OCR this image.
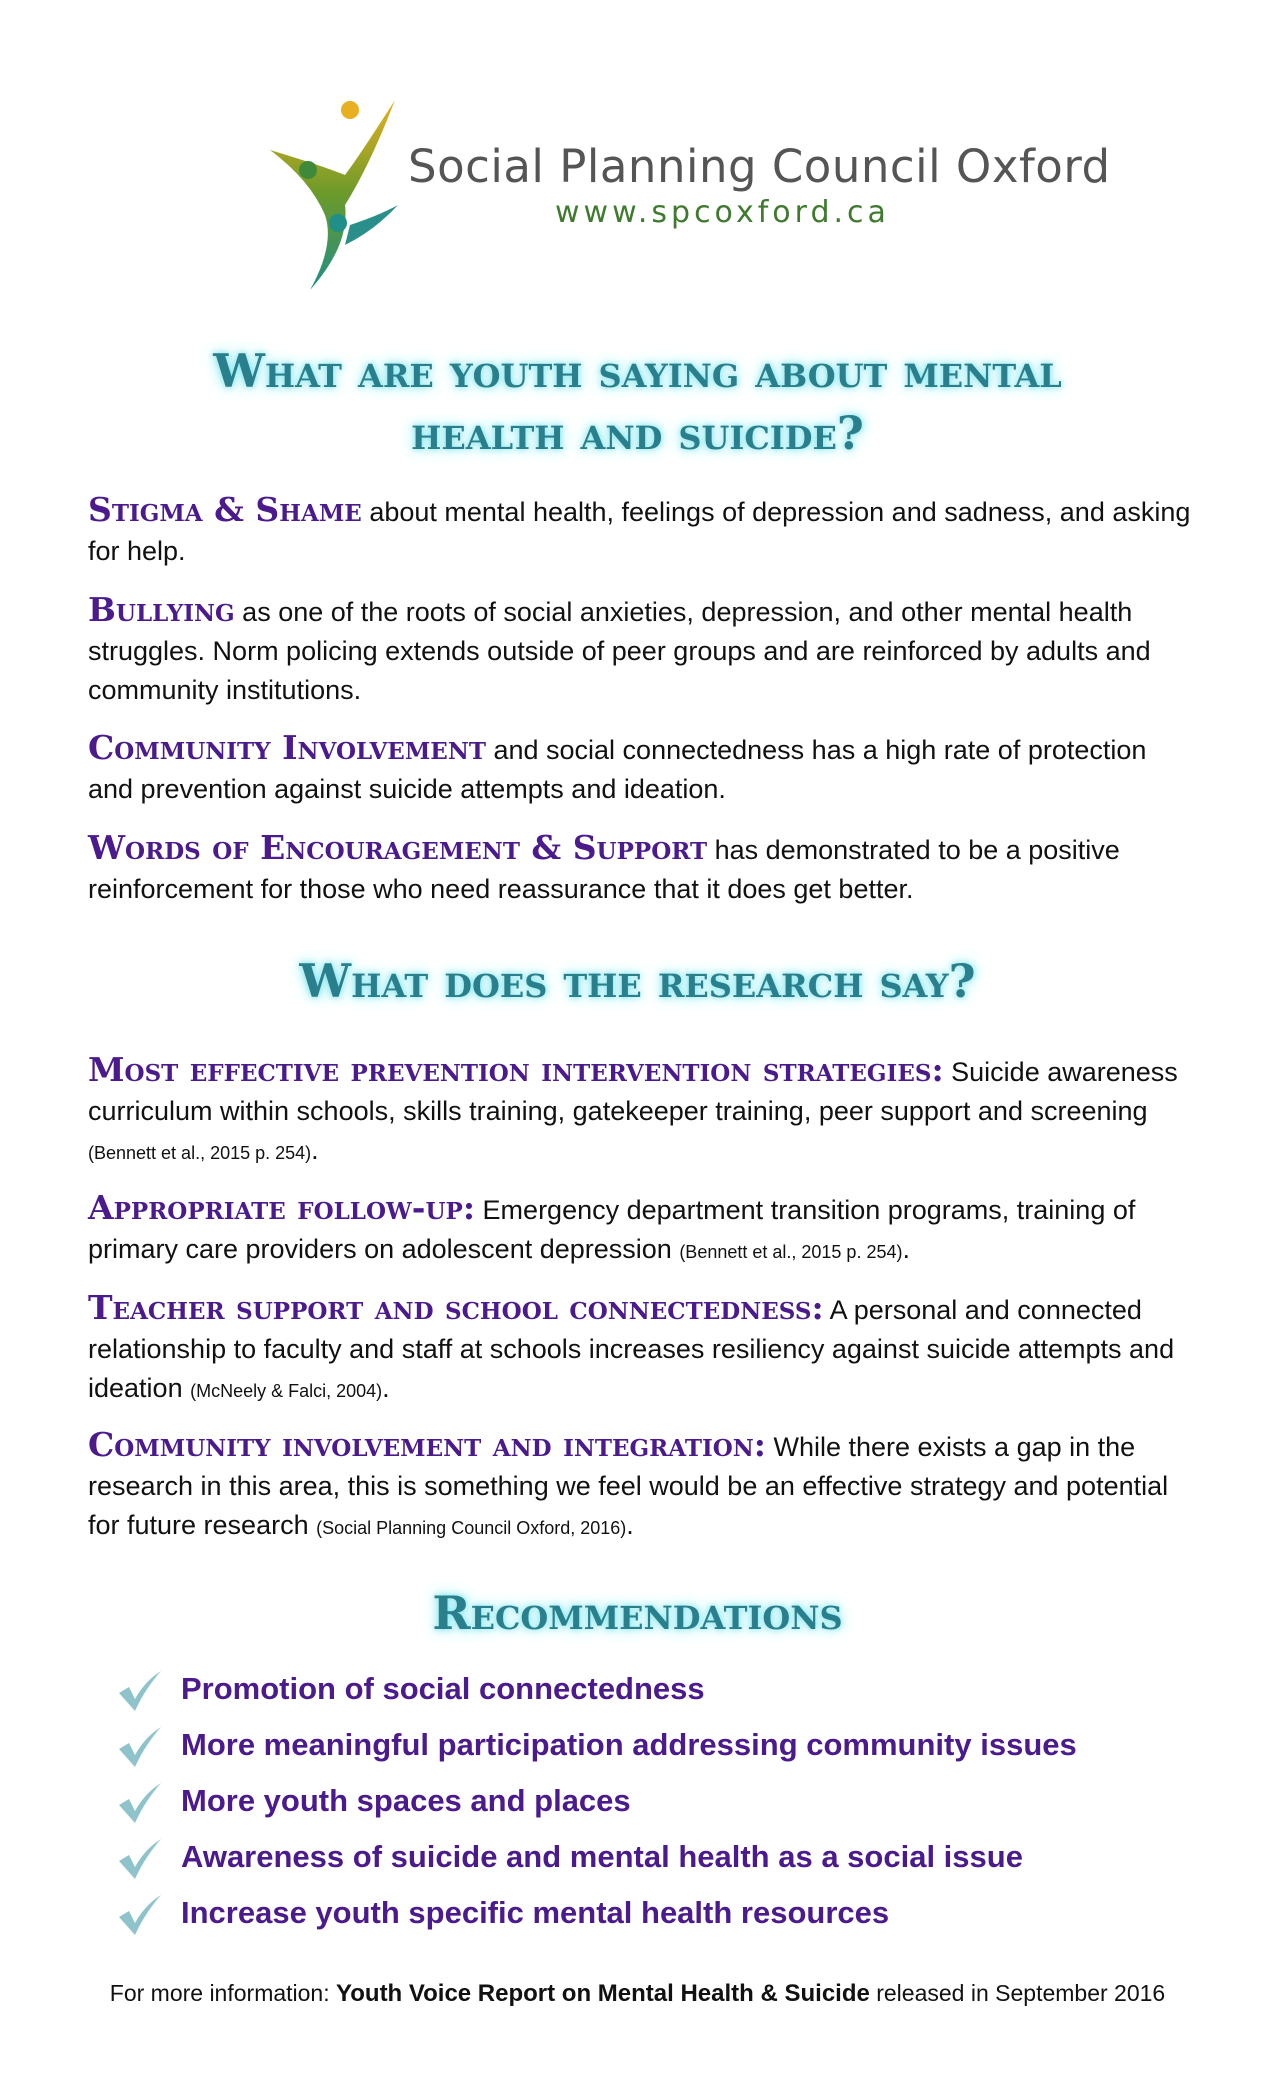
Social Planning Council Oxford
www.spcoxford.ca
What are youth saying about mental
health and suicide?
Stigma & Shame about mental health, feelings of depression and sadness, and asking for help.
Bullying as one of the roots of social anxieties, depression, and other mental health struggles. Norm policing extends outside of peer groups and are reinforced by adults and community institutions.
Community Involvement and social connectedness has a high rate of protection and prevention against suicide attempts and ideation.
Words of Encouragement & Support has demonstrated to be a positive reinforcement for those who need reassurance that it does get better.
What does the research say?
Most effective prevention intervention strategies: Suicide awareness curriculum within schools, skills training, gatekeeper training, peer support and screening (Bennett et al., 2015 p. 254).
Appropriate follow-up: Emergency department transition programs, training of primary care providers on adolescent depression (Bennett et al., 2015 p. 254).
Teacher support and school connectedness: A personal and connected relationship to faculty and staff at schools increases resiliency against suicide attempts and ideation (McNeely & Falci, 2004).
Community involvement and integration: While there exists a gap in the research in this area, this is something we feel would be an effective strategy and potential for future research (Social Planning Council Oxford, 2016).
Recommendations
Promotion of social connectedness
More meaningful participation addressing community issues
More youth spaces and places
Awareness of suicide and mental health as a social issue
Increase youth specific mental health resources
For more information: Youth Voice Report on Mental Health & Suicide released in September 2016
